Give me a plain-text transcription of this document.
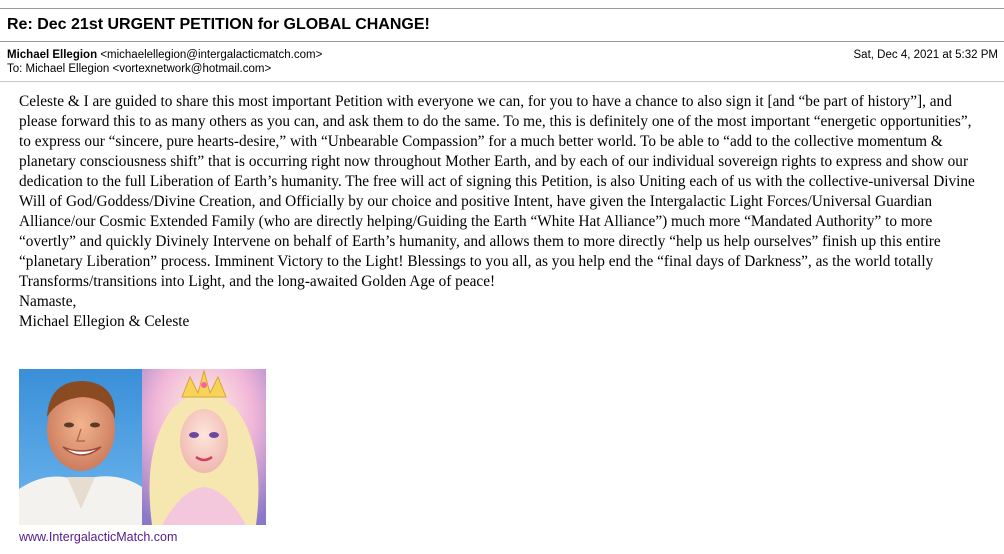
Re: Dec 21st URGENT PETITION for GLOBAL CHANGE!
Michael Ellegion <michaelellegion@intergalacticmatch.com>	Sat, Dec 4, 2021 at 5:32 PM
To: Michael Ellegion <vortexnetwork@hotmail.com>

Celeste & I are guided to share this most important Petition with everyone we can, for you to have a chance to also sign it [and “be part of history”], and please forward this to as many others as you can, and ask them to do the same. To me, this is definitely one of the most important “energetic opportunities”, to express our “sincere, pure hearts-desire,” with “Unbearable Compassion” for a much better world. To be able to “add to the collective momentum & planetary consciousness shift” that is occurring right now throughout Mother Earth, and by each of our individual sovereign rights to express and show our dedication to the full Liberation of Earth’s humanity. The free will act of signing this Petition, is also Uniting each of us with the collective-universal Divine Will of God/Goddess/Divine Creation, and Officially by our choice and positive Intent, have given the Intergalactic Light Forces/Universal Guardian Alliance/our Cosmic Extended Family (who are directly helping/Guiding the Earth “White Hat Alliance”) much more “Mandated Authority” to more “overtly” and quickly Divinely Intervene on behalf of Earth’s humanity, and allows them to more directly “help us help ourselves” finish up this entire “planetary Liberation” process. Imminent Victory to the Light! Blessings to you all, as you help end the “final days of Darkness”, as the world totally Transforms/transitions into Light, and the long-awaited Golden Age of peace!

Namaste,

Michael Ellegion & Celeste

www.IntergalacticMatch.com
